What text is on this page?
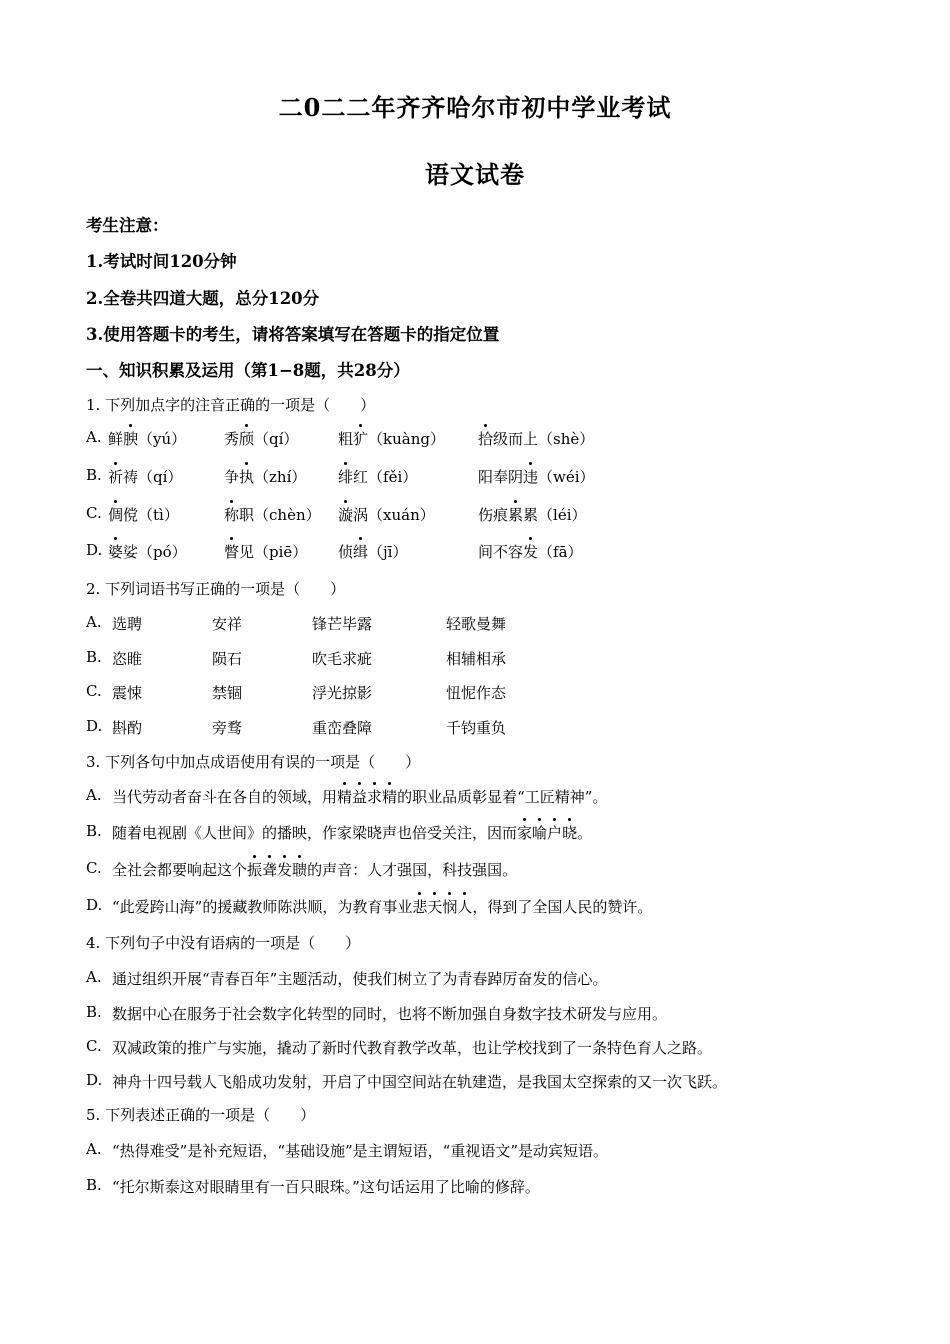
二0二二年齐齐哈尔市初中学业考试
语文试卷
考生注意：
1.考试时间120分钟
2.全卷共四道大题，总分120分
3.使用答题卡的考生，请将答案填写在答题卡的指定位置
一、知识积累及运用（第1−8题，共28分）
1. 下列加点字的注音正确的一项是（　　）
A. 鲜腴（yú）	秀颀（qí）	粗犷（kuàng） 拾级而上（shè）
B. 祈祷（qí）	争执（zhí） 绯红（fěi）	阳奉阴违（wéi）
C. 倜傥（tì）	称职（chèn） 漩涡（xuán）	伤痕累累（léi）
D. 婆娑（pó） 瞥见（piē） 侦缉（jī）	间不容发（fā）
2. 下列词语书写正确的一项是（　　）
A. 选聘	安祥	锋芒毕露	轻歌曼舞
B. 恣睢	陨石	吹毛求疵	相辅相承
C. 震悚	禁锢	浮光掠影	忸怩作态
D. 斟酌	旁骛	重峦叠障	千钧重负
3. 下列各句中加点成语使用有误的一项是（　　）
A. 当代劳动者奋斗在各自的领域，用精益求精的职业品质彰显着“工匠精神”。
B. 随着电视剧《人世间》的播映，作家梁晓声也倍受关注，因而家喻户晓。
C. 全社会都要响起这个振聋发聩的声音：人才强国，科技强国。
D. “此爱跨山海”的援藏教师陈洪顺，为教育事业悲天悯人，得到了全国人民的赞许。
4. 下列句子中没有语病的一项是（　　）
A. 通过组织开展“青春百年”主题活动，使我们树立了为青春踔厉奋发的信心。
B. 数据中心在服务于社会数字化转型的同时，也将不断加强自身数字技术研发与应用。
C. 双减政策的推广与实施，撬动了新时代教育教学改革，也让学校找到了一条特色育人之路。
D. 神舟十四号载人飞船成功发射，开启了中国空间站在轨建造，是我国太空探索的又一次飞跃。
5. 下列表述正确的一项是（　　）
A. “热得难受”是补充短语，“基础设施”是主谓短语，“重视语文”是动宾短语。
B. “托尔斯泰这对眼睛里有一百只眼珠。”这句话运用了比喻的修辞。
